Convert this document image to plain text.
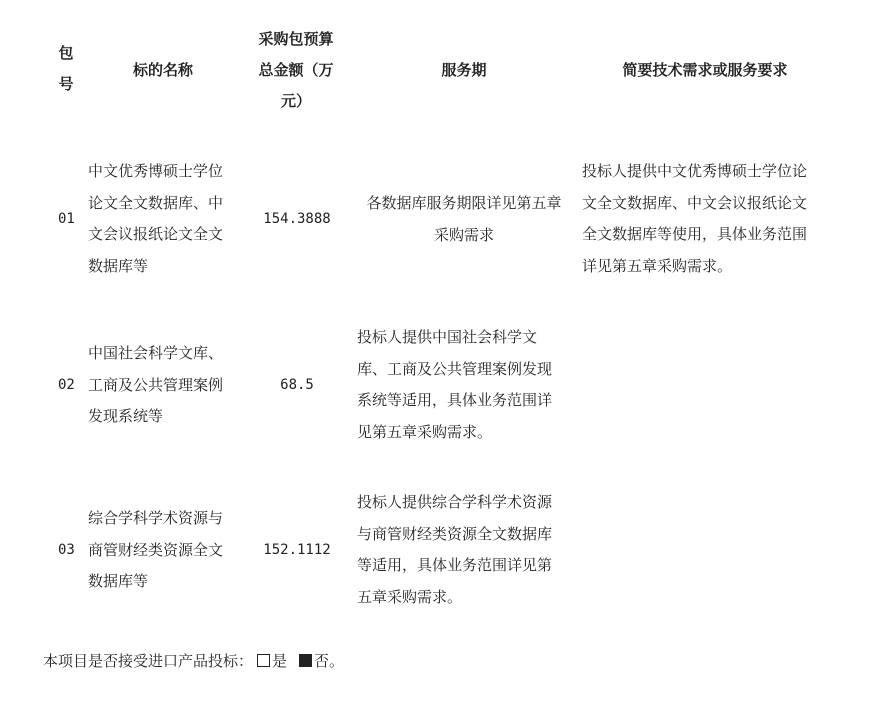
包
号
标的名称
采购包预算
总金额（万
元）
服务期	简要技术需求或服务要求
01
中文优秀博硕士学位
论文全文数据库、中
文会议报纸论文全文
数据库等
154.3888
各数据库服务期限详见第五章
采购需求
投标人提供中文优秀博硕士学位论
文全文数据库、中文会议报纸论文
全文数据库等使用，具体业务范围
详见第五章采购需求。
02
中国社会科学文库、
工商及公共管理案例
发现系统等
68.5
投标人提供中国社会科学文
库、工商及公共管理案例发现
系统等适用，具体业务范围详
见第五章采购需求。
03
综合学科学术资源与
商管财经类资源全文
数据库等
152.1112
投标人提供综合学科学术资源
与商管财经类资源全文数据库
等适用，具体业务范围详见第
五章采购需求。
本项目是否接受进口产品投标： 是 否。
